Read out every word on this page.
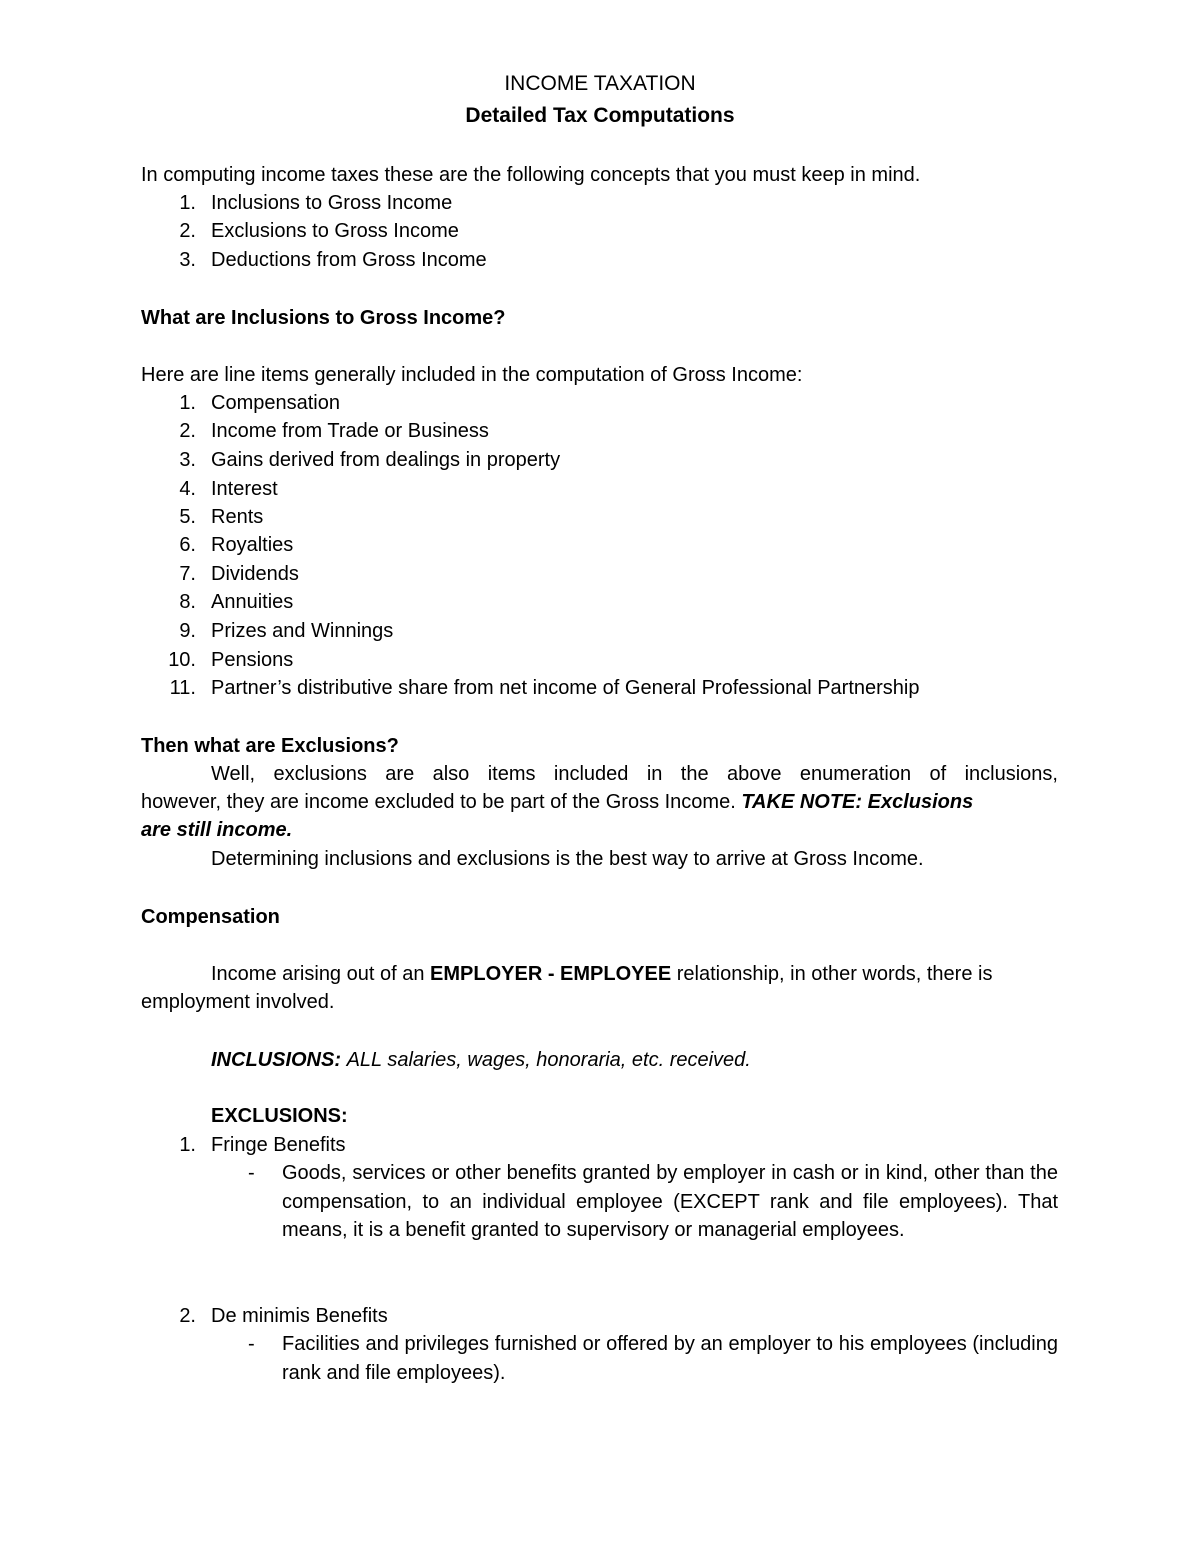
INCOME TAXATION
Detailed Tax Computations
In computing income taxes these are the following concepts that you must keep in mind.
1. Inclusions to Gross Income
2. Exclusions to Gross Income
3. Deductions from Gross Income
What are Inclusions to Gross Income?
Here are line items generally included in the computation of Gross Income:
1. Compensation
2. Income from Trade or Business
3. Gains derived from dealings in property
4. Interest
5. Rents
6. Royalties
7. Dividends
8. Annuities
9. Prizes and Winnings
10. Pensions
11. Partner’s distributive share from net income of General Professional Partnership
Then what are Exclusions?
Well, exclusions are also items included in the above enumeration of inclusions,
however, they are income excluded to be part of the Gross Income. TAKE NOTE: Exclusions
are still income.
Determining inclusions and exclusions is the best way to arrive at Gross Income.
Compensation
Income arising out of an EMPLOYER - EMPLOYEE relationship, in other words, there is
employment involved.
INCLUSIONS: ALL salaries, wages, honoraria, etc. received.
EXCLUSIONS:
1. Fringe Benefits
- Goods, services or other benefits granted by employer in cash or in kind, other than the compensation, to an individual employee (EXCEPT rank and file employees). That means, it is a benefit granted to supervisory or managerial employees.
2. De minimis Benefits
- Facilities and privileges furnished or offered by an employer to his employees (including rank and file employees).
